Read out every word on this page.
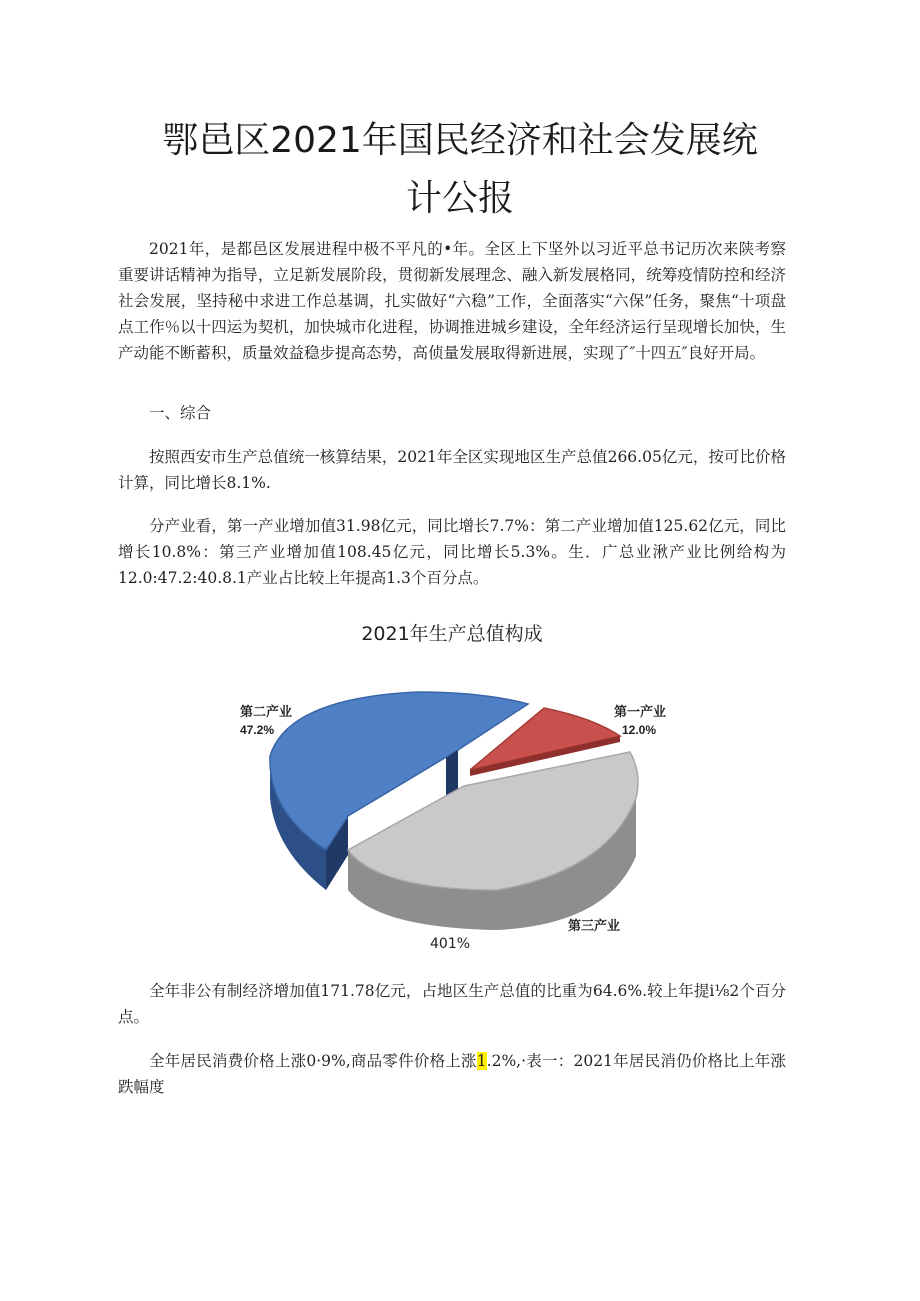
鄂邑区2021年国民经济和社会发展统
计公报

2021年，是都邑区发展进程中极不平凡的•年。全区上下坚外以习近平总书记历次来陕考察重要讲话精神为指导，立足新发展阶段，贯彻新发展理念、融入新发展格同，统筹疫情防控和经济社会发展，坚持秘中求进工作总基调，扎实做好“六稳”工作，全面落实“六保”任务，聚焦“十项盘点工作％以十四运为契机，加快城市化进程，协调推进城乡建设，全年经济运行呈现增长加快，生产动能不断蓄积，质量效益稳步提高态势，高侦量发展取得新进展，实现了″十四五″良好开局。

一、综合

按照西安市生产总值统一核算结果，2021年全区实现地区生产总值266.05亿元，按可比价格计算，同比增长8.1%.

分产业看，第一产业增加值31.98亿元，同比增长7.7%：第二产业增加值125.62亿元，同比增长10.8%：第三产业增加值108.45亿元，同比增长5.3%。生．广总业湫产业比例给构为12.0:47.2:40.8.1产业占比较上年提高1.3个百分点。

2021年生产总值构成

第二产业
47.2%
第一产业
12.0%
第三产业
401%

全年非公有制经济增加值171.78亿元，占地区生产总值的比重为64.6%.较上年提i⅛2个百分点。

全年居民消费价格上涨0·9%,商品零件价格上涨1.2%,·表一：2021年居民消仍价格比上年涨跌幅度
